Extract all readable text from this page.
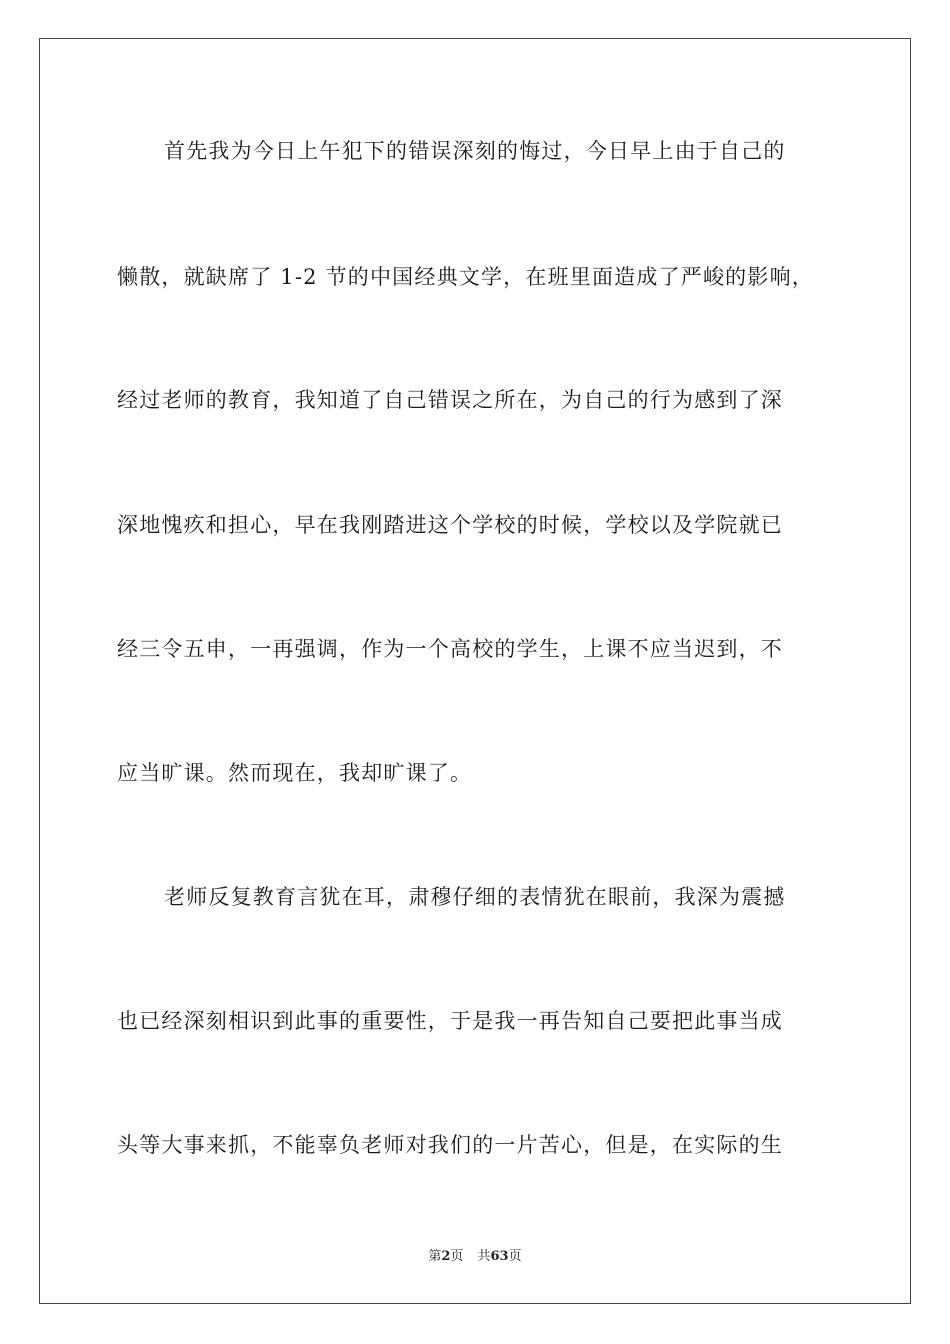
首先我为今日上午犯下的错误深刻的悔过，今日早上由于自己的
懒散，就缺席了 1-2 节的中国经典文学，在班里面造成了严峻的影响，
经过老师的教育，我知道了自己错误之所在，为自己的行为感到了深
深地愧疚和担心，早在我刚踏进这个学校的时候，学校以及学院就已
经三令五申，一再强调，作为一个高校的学生，上课不应当迟到，不
应当旷课。然而现在，我却旷课了。
老师反复教育言犹在耳，肃穆仔细的表情犹在眼前，我深为震撼
也已经深刻相识到此事的重要性，于是我一再告知自己要把此事当成
头等大事来抓，不能辜负老师对我们的一片苦心，但是，在实际的生
第2页 共63页
